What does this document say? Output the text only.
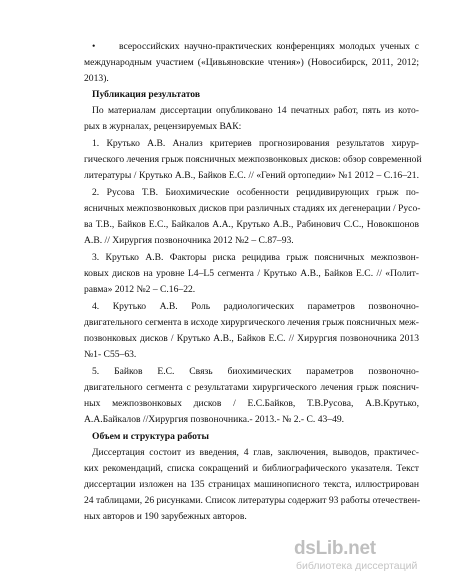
• всероссийских научно-практических конференциях молодых ученых с
международным участием («Цивьяновские чтения») (Новосибирск, 2011, 2012;
2013).
Публикация результатов
По материалам диссертации опубликовано 14 печатных работ, пять из кото-
рых в журналах, рецензируемых ВАК:
1. Крутько А.В. Анализ критериев прогнозирования результатов хирур-
гического лечения грыж поясничных межпозвонковых дисков: обзор современной
литературы / Крутько А.В., Байков Е.С. // «Гений ортопедии» №1 2012 – С.16–21.
2. Русова Т.В. Биохимические особенности рецидивирующих грыж по-
ясничных межпозвонковых дисков при различных стадиях их дегенерации / Русо-
ва Т.В., Байков Е.С., Байкалов А.А., Крутько А.В., Рабинович С.С., Новокшонов
А.В. // Хирургия позвоночника 2012 №2 – С.87–93.
3. Крутько А.В. Факторы риска рецидива грыж поясничных межпозвон-
ковых дисков на уровне L4–L5 сегмента / Крутько А.В., Байков Е.С. // «Полит-
равма» 2012 №2 – С.16–22.
4. Крутько А.В. Роль радиологических параметров позвоночно-
двигательного сегмента в исходе хирургического лечения грыж поясничных меж-
позвонковых дисков / Крутько А.В., Байков Е.С. // Хирургия позвоночника 2013
№1- С55–63.
5. Байков Е.С. Связь биохимических параметров позвоночно-
двигательного сегмента с результатами хирургического лечения грыж пояснич-
ных межпозвонковых дисков / Е.С.Байков, Т.В.Русова, А.В.Крутько,
А.А.Байкалов //Хирургия позвоночника.- 2013.- № 2.- С. 43–49.
Объем и структура работы
Диссертация состоит из введения, 4 глав, заключения, выводов, практичес-
ких рекомендаций, списка сокращений и библиографического указателя. Текст
диссертации изложен на 135 страницах машинописного текста, иллюстрирован
24 таблицами, 26 рисунками. Список литературы содержит 93 работы отечествен-
ных авторов и 190 зарубежных авторов.
dsLib.net
библиотека диссертаций
